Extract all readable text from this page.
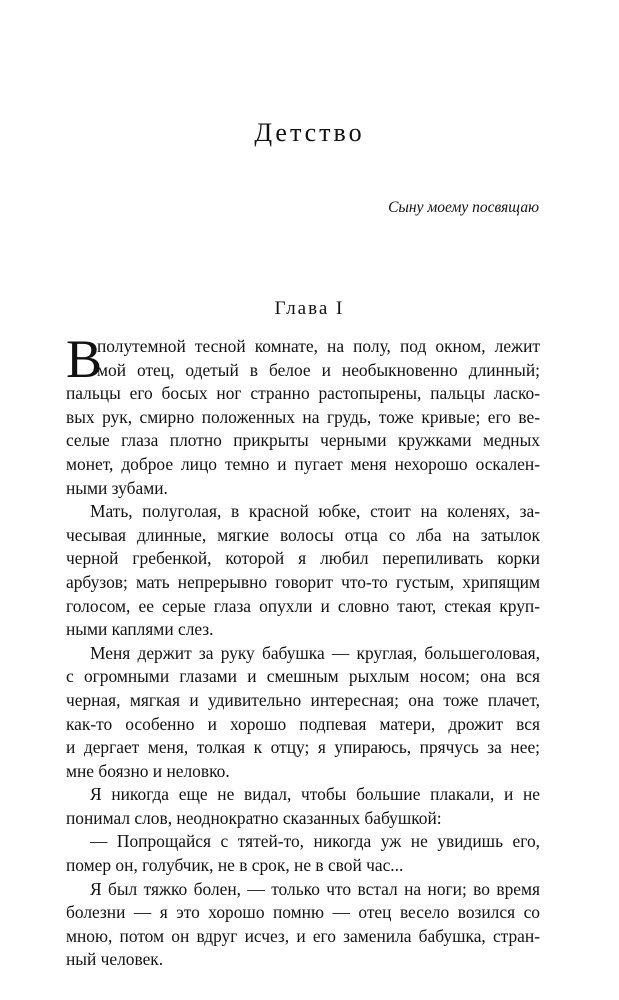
Детство
Сыну моему посвящаю
Глава I
В
полутемной тесной комнате, на полу, под окном, лежит
мой отец, одетый в белое и необыкновенно длинный;
пальцы его босых ног странно растопырены, пальцы ласко-
вых рук, смирно положенных на грудь, тоже кривые; его ве-
селые глаза плотно прикрыты черными кружками медных
монет, доброе лицо темно и пугает меня нехорошо оскален-
ными зубами.
Мать, полуголая, в красной юбке, стоит на коленях, за-
чесывая длинные, мягкие волосы отца со лба на затылок
черной гребенкой, которой я любил перепиливать корки
арбузов; мать непрерывно говорит что-то густым, хрипящим
голосом, ее серые глаза опухли и словно тают, стекая круп-
ными каплями слез.
Меня держит за руку бабушка — круглая, большеголовая,
с огромными глазами и смешным рыхлым носом; она вся
черная, мягкая и удивительно интересная; она тоже плачет,
как-то особенно и хорошо подпевая матери, дрожит вся
и дергает меня, толкая к отцу; я упираюсь, прячусь за нее;
мне боязно и неловко.
Я никогда еще не видал, чтобы большие плакали, и не
понимал слов, неоднократно сказанных бабушкой:
— Попрощайся с тятей-то, никогда уж не увидишь его,
помер он, голубчик, не в срок, не в свой час...
Я был тяжко болен, — только что встал на ноги; во время
болезни — я это хорошо помню — отец весело возился со
мною, потом он вдруг исчез, и его заменила бабушка, стран-
ный человек.
